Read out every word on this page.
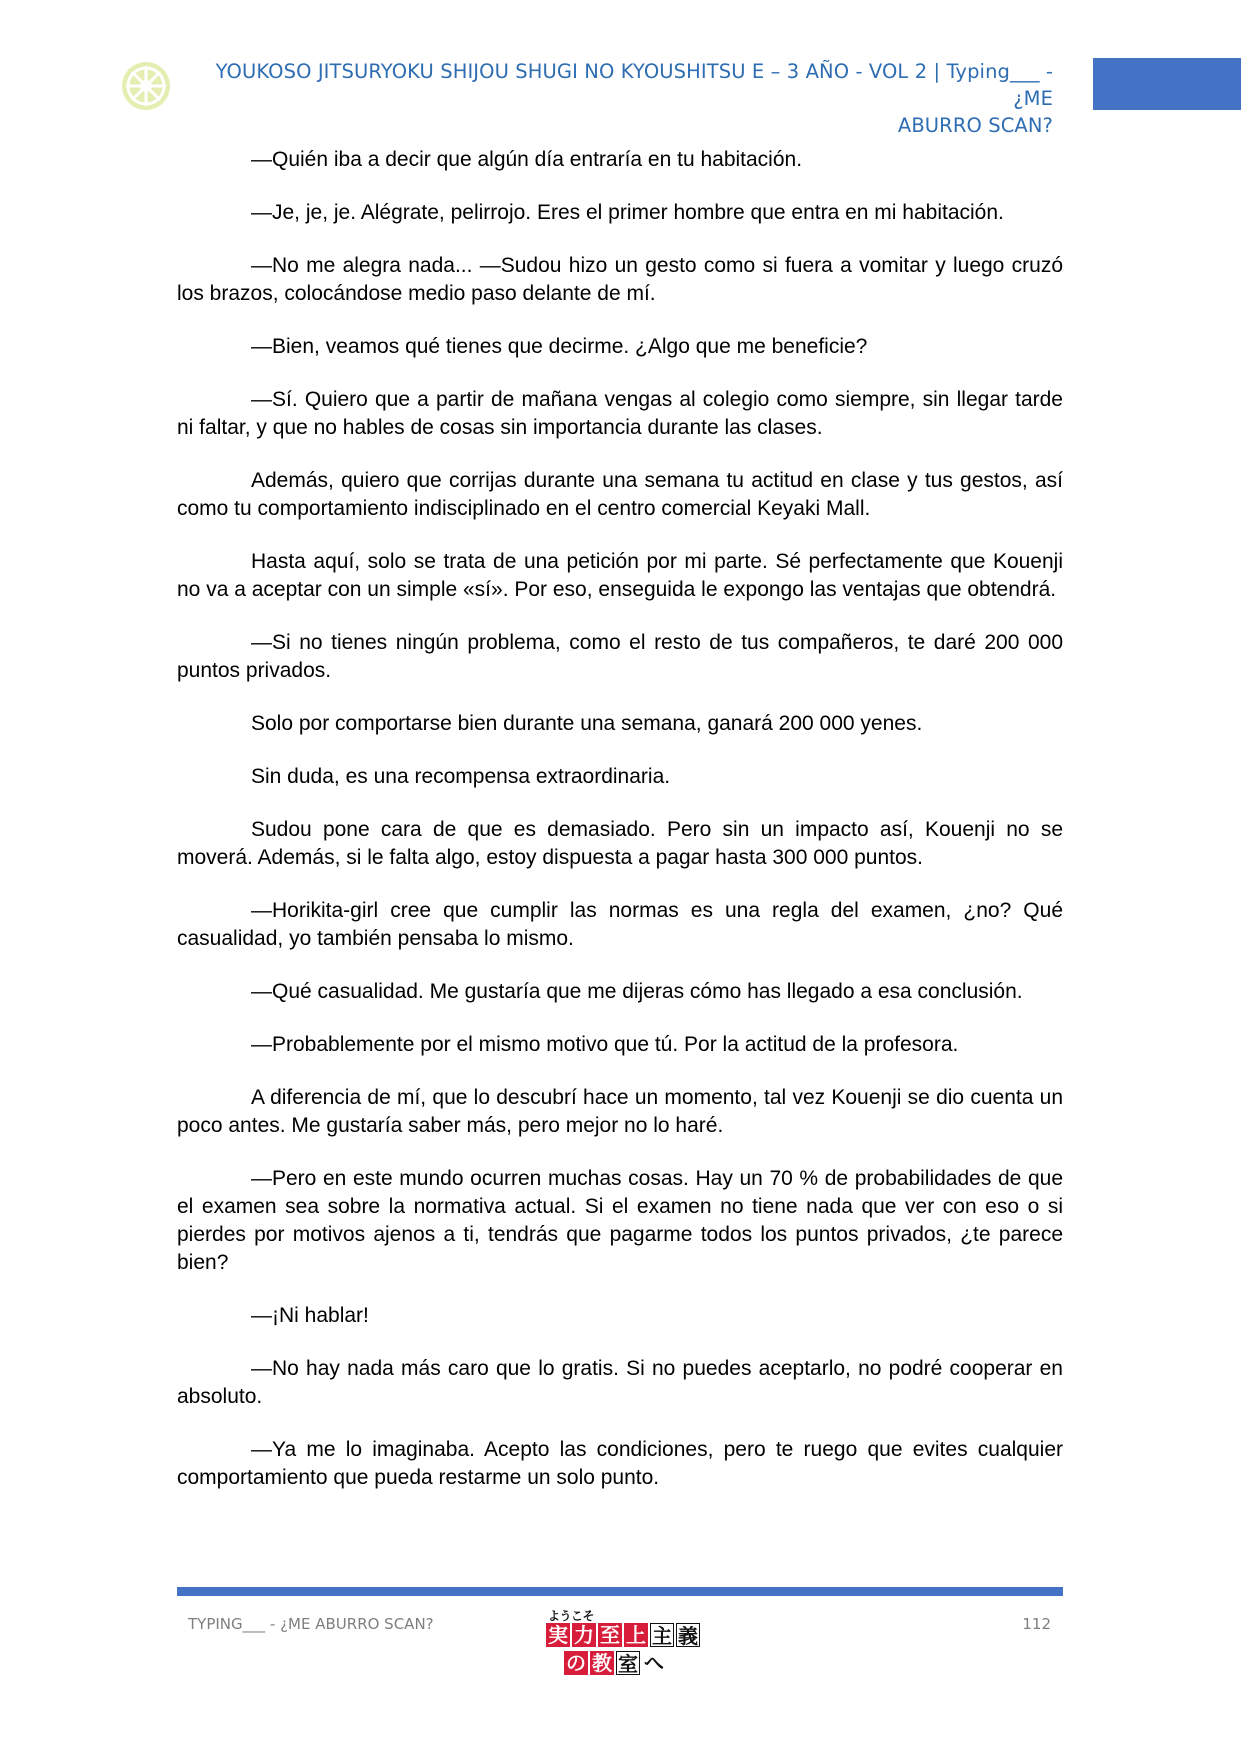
YOUKOSO JITSURYOKU SHIJOU SHUGI NO KYOUSHITSU E – 3 AÑO - VOL 2 | Typing___ - ¿ME
ABURRO SCAN?

—Quién iba a decir que algún día entraría en tu habitación.

—Je, je, je. Alégrate, pelirrojo. Eres el primer hombre que entra en mi habitación.

—No me alegra nada... —Sudou hizo un gesto como si fuera a vomitar y luego cruzó los brazos, colocándose medio paso delante de mí.

—Bien, veamos qué tienes que decirme. ¿Algo que me beneficie?

—Sí. Quiero que a partir de mañana vengas al colegio como siempre, sin llegar tarde ni faltar, y que no hables de cosas sin importancia durante las clases.

Además, quiero que corrijas durante una semana tu actitud en clase y tus gestos, así como tu comportamiento indisciplinado en el centro comercial Keyaki Mall.

Hasta aquí, solo se trata de una petición por mi parte. Sé perfectamente que Kouenji no va a aceptar con un simple «sí». Por eso, enseguida le expongo las ventajas que obtendrá.

—Si no tienes ningún problema, como el resto de tus compañeros, te daré 200 000 puntos privados.

Solo por comportarse bien durante una semana, ganará 200 000 yenes.

Sin duda, es una recompensa extraordinaria.

Sudou pone cara de que es demasiado. Pero sin un impacto así, Kouenji no se moverá. Además, si le falta algo, estoy dispuesta a pagar hasta 300 000 puntos.

—Horikita-girl cree que cumplir las normas es una regla del examen, ¿no? Qué casualidad, yo también pensaba lo mismo.

—Qué casualidad. Me gustaría que me dijeras cómo has llegado a esa conclusión.

—Probablemente por el mismo motivo que tú. Por la actitud de la profesora.

A diferencia de mí, que lo descubrí hace un momento, tal vez Kouenji se dio cuenta un poco antes. Me gustaría saber más, pero mejor no lo haré.

—Pero en este mundo ocurren muchas cosas. Hay un 70 % de probabilidades de que el examen sea sobre la normativa actual. Si el examen no tiene nada que ver con eso o si pierdes por motivos ajenos a ti, tendrás que pagarme todos los puntos privados, ¿te parece bien?

—¡Ni hablar!

—No hay nada más caro que lo gratis. Si no puedes aceptarlo, no podré cooperar en absoluto.

—Ya me lo imaginaba. Acepto las condiciones, pero te ruego que evites cualquier comportamiento que pueda restarme un solo punto.

TYPING___ - ¿ME ABURRO SCAN?	ようこそ
実 力 至 上 主 義
の 教 室 へ
112
